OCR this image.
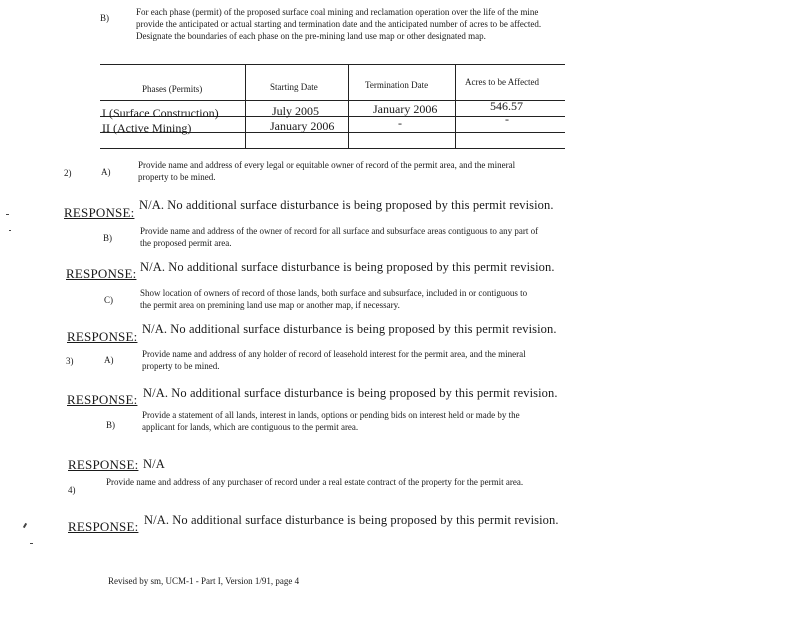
B)
For each phase (permit) of the proposed surface coal mining and reclamation operation over the life of the mine provide the anticipated or actual starting and termination date and the anticipated number of acres to be affected. Designate the boundaries of each phase on the pre-mining land use map or other designated map.
Phases (Permits)	Starting Date	Termination Date	Acres to be Affected
I (Surface Construction)	July 2005	January 2006	546.57
II (Active Mining)	January 2006	-	-
2)	A)
Provide name and address of every legal or equitable owner of record of the permit area, and the mineral property to be mined.
RESPONSE: N/A. No additional surface disturbance is being proposed by this permit revision.
B)
Provide name and address of the owner of record for all surface and subsurface areas contiguous to any part of the proposed permit area.
RESPONSE: N/A. No additional surface disturbance is being proposed by this permit revision.
C)
Show location of owners of record of those lands, both surface and subsurface, included in or contiguous to the permit area on premining land use map or another map, if necessary.
RESPONSE: N/A. No additional surface disturbance is being proposed by this permit revision.
3)	A)
Provide name and address of any holder of record of leasehold interest for the permit area, and the mineral property to be mined.
RESPONSE: N/A. No additional surface disturbance is being proposed by this permit revision.
B)
Provide a statement of all lands, interest in lands, options or pending bids on interest held or made by the applicant for lands, which are contiguous to the permit area.
RESPONSE: N/A
4)
Provide name and address of any purchaser of record under a real estate contract of the property for the permit area.
RESPONSE: N/A. No additional surface disturbance is being proposed by this permit revision.
Revised by sm, UCM-1 - Part I, Version 1/91, page 4
